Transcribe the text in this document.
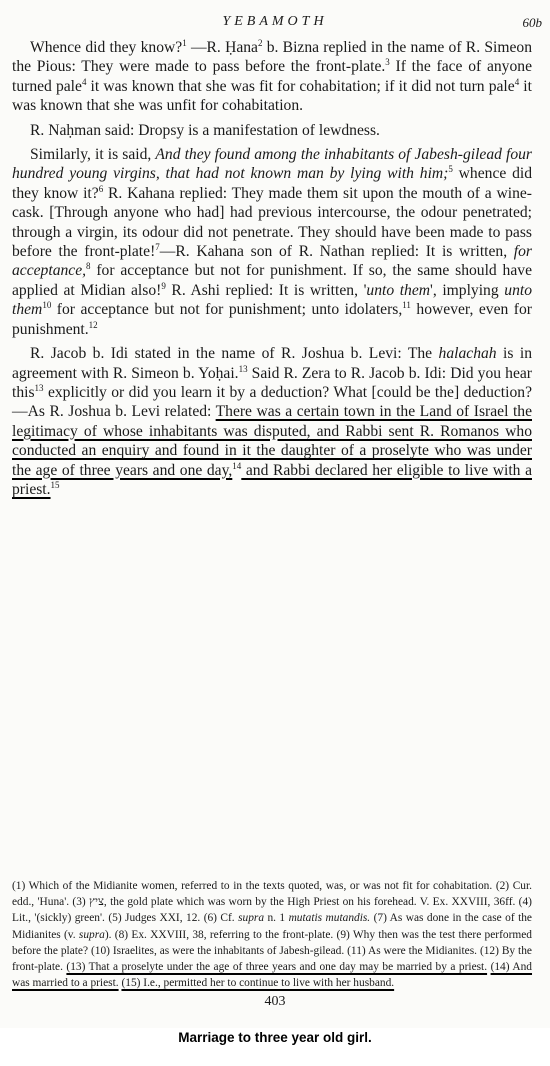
YEBAMOTH	60b

Whence did they know?$^1$ —R. Ḥana$^2$ b. Bizna replied in the name of R. Simeon the Pious: They were made to pass before the front-plate.$^3$ If the face of anyone turned pale$^4$ it was known that she was fit for cohabitation; if it did not turn pale$^4$ it was known that she was unfit for cohabitation.

R. Naḥman said: Dropsy is a manifestation of lewdness.

Similarly, it is said, And they found among the inhabitants of Jabesh-gilead four hundred young virgins, that had not known man by lying with him;$^5$ whence did they know it?$^6$ R. Kahana replied: They made them sit upon the mouth of a wine-cask. [Through anyone who had] had previous intercourse, the odour penetrated; through a virgin, its odour did not penetrate. They should have been made to pass before the front-plate!$^7$—R. Kahana son of R. Nathan replied: It is written, for acceptance,$^8$ for acceptance but not for punishment. If so, the same should have applied at Midian also!$^9$ R. Ashi replied: It is written, 'unto them', implying unto them$^{10}$ for acceptance but not for punishment; unto idolaters,$^{11}$ however, even for punishment.$^{12}$

R. Jacob b. Idi stated in the name of R. Joshua b. Levi: The halachah is in agreement with R. Simeon b. Yoḥai.$^{13}$ Said R. Zera to R. Jacob b. Idi: Did you hear this$^{13}$ explicitly or did you learn it by a deduction? What [could be the] deduction?—As R. Joshua b. Levi related: There was a certain town in the Land of Israel the legitimacy of whose inhabitants was disputed, and Rabbi sent R. Romanos who conducted an enquiry and found in it the daughter of a proselyte who was under the age of three years and one day,$^{14}$ and Rabbi declared her eligible to live with a priest.$^{15}$

(1) Which of the Midianite women, referred to in the texts quoted, was, or was not fit for cohabitation. (2) Cur. edd., 'Huna'. (3) ציץ, the gold plate which was worn by the High Priest on his forehead. V. Ex. XXVIII, 36ff. (4) Lit., '(sickly) green'. (5) Judges XXI, 12. (6) Cf. supra n. 1 mutatis mutandis. (7) As was done in the case of the Midianites (v. supra). (8) Ex. XXVIII, 38, referring to the front-plate. (9) Why then was the test there performed before the plate? (10) Israelites, as were the inhabitants of Jabesh-gilead. (11) As were the Midianites. (12) By the front-plate. (13) That a proselyte under the age of three years and one day may be married by a priest. (14) And was married to a priest. (15) I.e., permitted her to continue to live with her husband.
403
Marriage to three year old girl.
